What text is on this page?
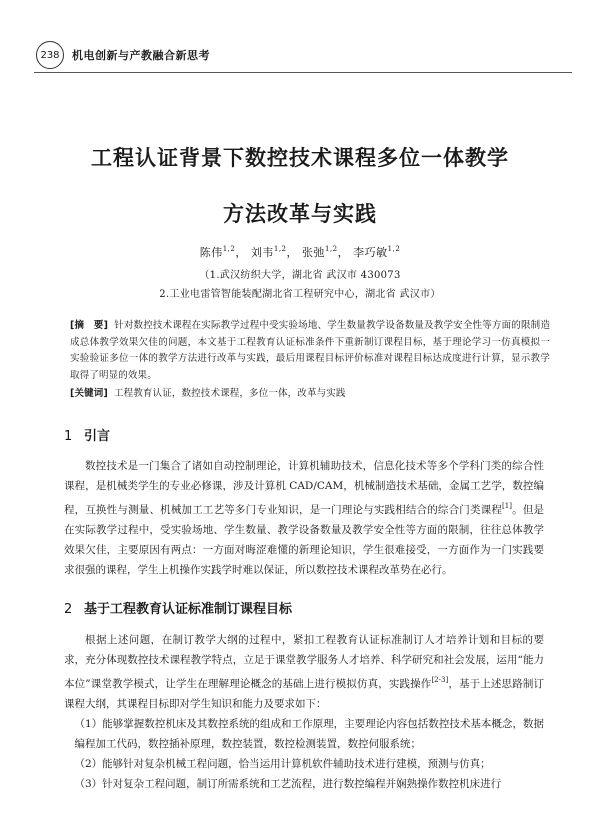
238	机电创新与产教融合新思考
工程认证背景下数控技术课程多位一体教学
方法改革与实践
陈伟$^{1,2}$， 刘韦$^{1,2}$， 张弛$^{1,2}$， 李巧敏$^{1,2}$
（1.武汉纺织大学，湖北省 武汉市 430073
2.工业电雷管智能装配湖北省工程研究中心，湖北省 武汉市）

[摘　要] 针对数控技术课程在实际教学过程中受实验场地、学生数量教学设备数量及教学安全性等方面的限制造成总体教学效果欠佳的问题，本文基于工程教育认证标准条件下重新制订课程目标，基于理论学习一仿真模拟一实验验证多位一体的教学方法进行改革与实践，最后用课程目标评价标准对课程目标达成度进行计算，显示教学取得了明显的效果。

[关键词] 工程教育认证，数控技术课程，多位一体，改革与实践

1 引言

数控技术是一门集合了诸如自动控制理论，计算机辅助技术，信息化技术等多个学科门类的综合性课程，是机械类学生的专业必修课，涉及计算机 CAD/CAM，机械制造技术基础，金属工艺学，数控编程，互换性与测量、机械加工工艺等多门专业知识，是一门理论与实践相结合的综合门类课程[1]。但是在实际教学过程中，受实验场地、学生数量、教学设备数量及教学安全性等方面的限制，往往总体教学效果欠佳，主要原因有两点：一方面对晦涩难懂的新理论知识，学生很难接受，一方面作为一门实践要求很强的课程，学生上机操作实践学时难以保证，所以数控技术课程改革势在必行。

2 基于工程教育认证标准制订课程目标

根据上述问题，在制订教学大纲的过程中，紧扣工程教育认证标准制订人才培养计划和目标的要求，充分体现数控技术课程教学特点，立足于课堂教学服务人才培养、科学研究和社会发展，运用“能力本位”课堂教学模式，让学生在理解理论概念的基础上进行模拟仿真，实践操作[2-3]，基于上述思路制订课程大纲，其课程目标即对学生知识和能力及要求如下：

（1）能够掌握数控机床及其数控系统的组成和工作原理，主要理论内容包括数控技术基本概念，数据编程加工代码，数控插补原理，数控装置，数控检测装置，数控伺服系统；

（2）能够针对复杂机械工程问题，恰当运用计算机软件辅助技术进行建模，预测与仿真；

（3）针对复杂工程问题，制订所需系统和工艺流程，进行数控编程并娴熟操作数控机床进行
